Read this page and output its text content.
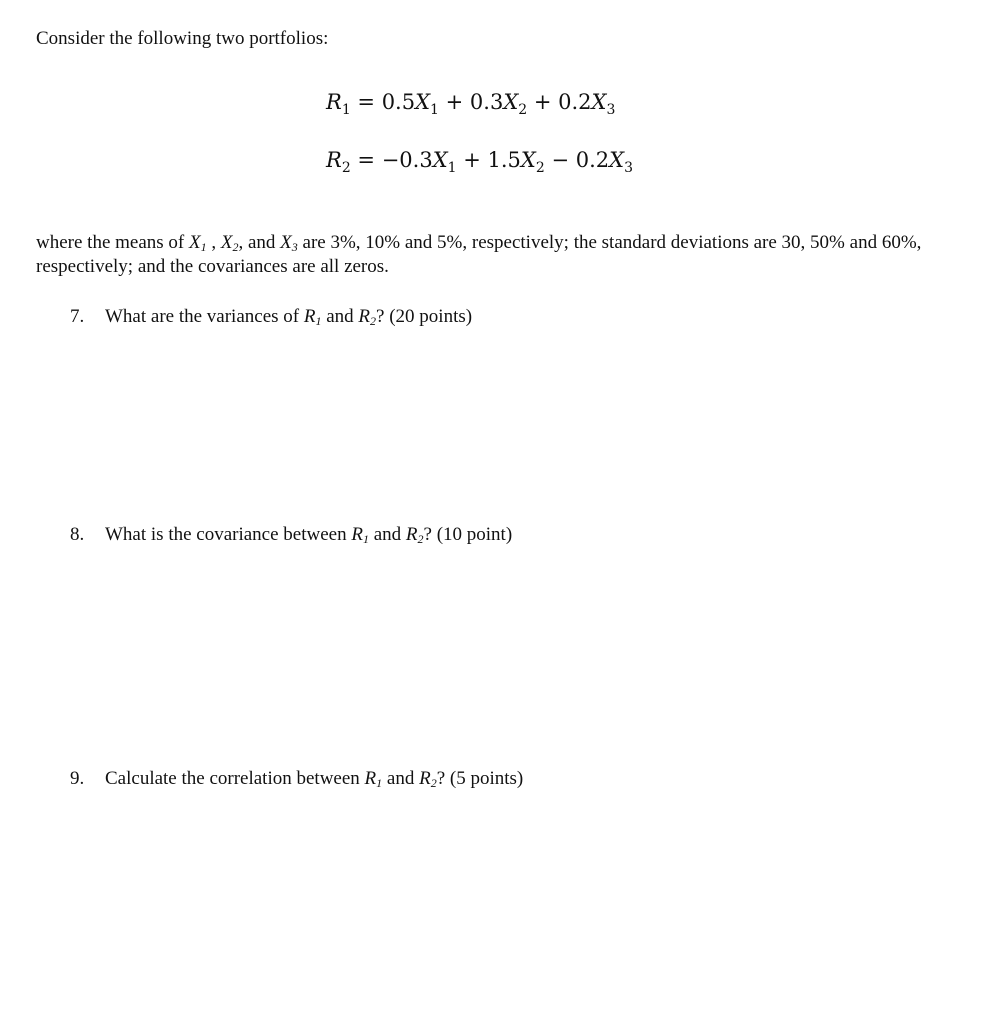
Consider the following two portfolios:

$R_1 = 0.5X_1 + 0.3X_2 + 0.2X_3$

$R_2 = -0.3X_1 + 1.5X_2 - 0.2X_3$

where the means of $X_1$ , $X_2$, and $X_3$ are 3%, 10% and 5%, respectively; the standard deviations are 30, 50% and 60%, respectively; and the covariances are all zeros.

7. What are the variances of $R_1$ and $R_2$? (20 points)

8. What is the covariance between $R_1$ and $R_2$? (10 point)

9. Calculate the correlation between $R_1$ and $R_2$? (5 points)
